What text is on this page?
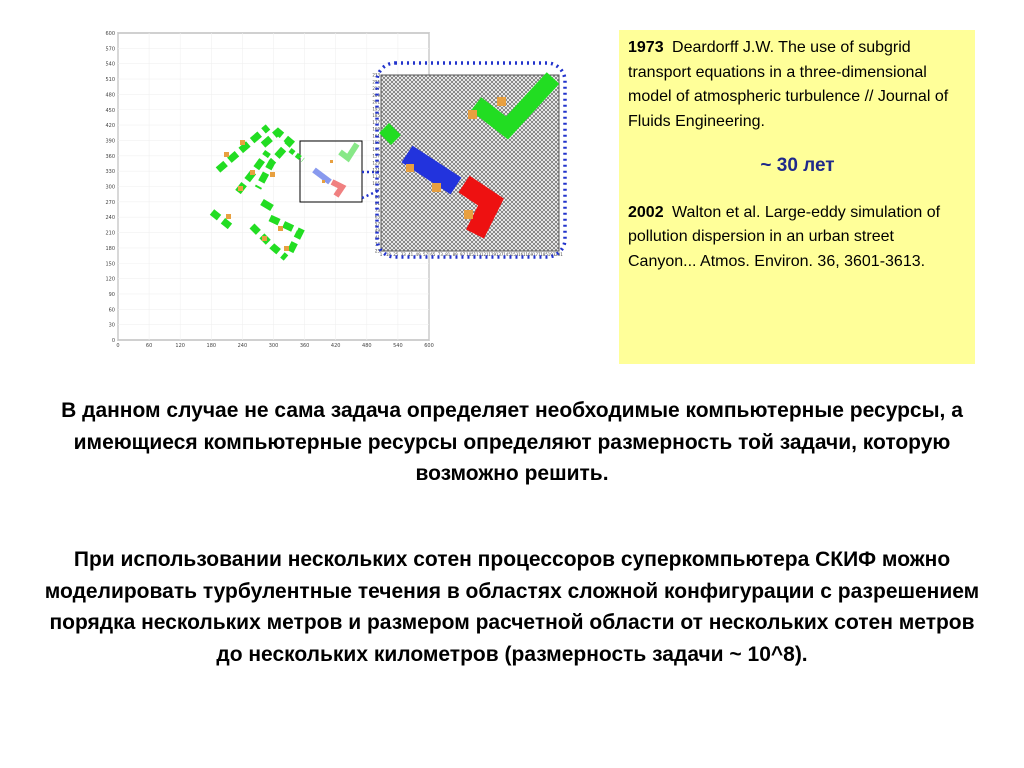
0
30
60
90
120
150
180
210
240
270
300
330
360
390
420
450
480
510
540
570
600
0	60	120	180	240	300	360	420	480	540	600
233
225
217
209
201
193
185
177
169
161
153
145
137
129
121
113
105
97
89
81
73
65
57
49
41
33
25
1 18 25 33 41 49 57 65 73 81 89 97 105 113 121 129 137 145 153 161 169 177 185 193 201

1973 Deardorff J.W. The use of subgrid transport equations in a three-dimensional model of atmospheric turbulence // Journal of Fluids Engineering.

~ 30 лет

2002 Walton et al. Large-eddy simulation of pollution dispersion in an urban street
Canyon... Atmos. Environ. 36, 3601-3613.

В данном случае не сама задача определяет необходимые компьютерные ресурсы, а имеющиеся компьютерные ресурсы определяют размерность той задачи, которую возможно решить.

При использовании нескольких сотен процессоров суперкомпьютера СКИФ можно моделировать турбулентные течения в областях сложной конфигурации с разрешением порядка нескольких метров и размером расчетной области от нескольких сотен метров до нескольких километров (размерность задачи ~ 10^8).
